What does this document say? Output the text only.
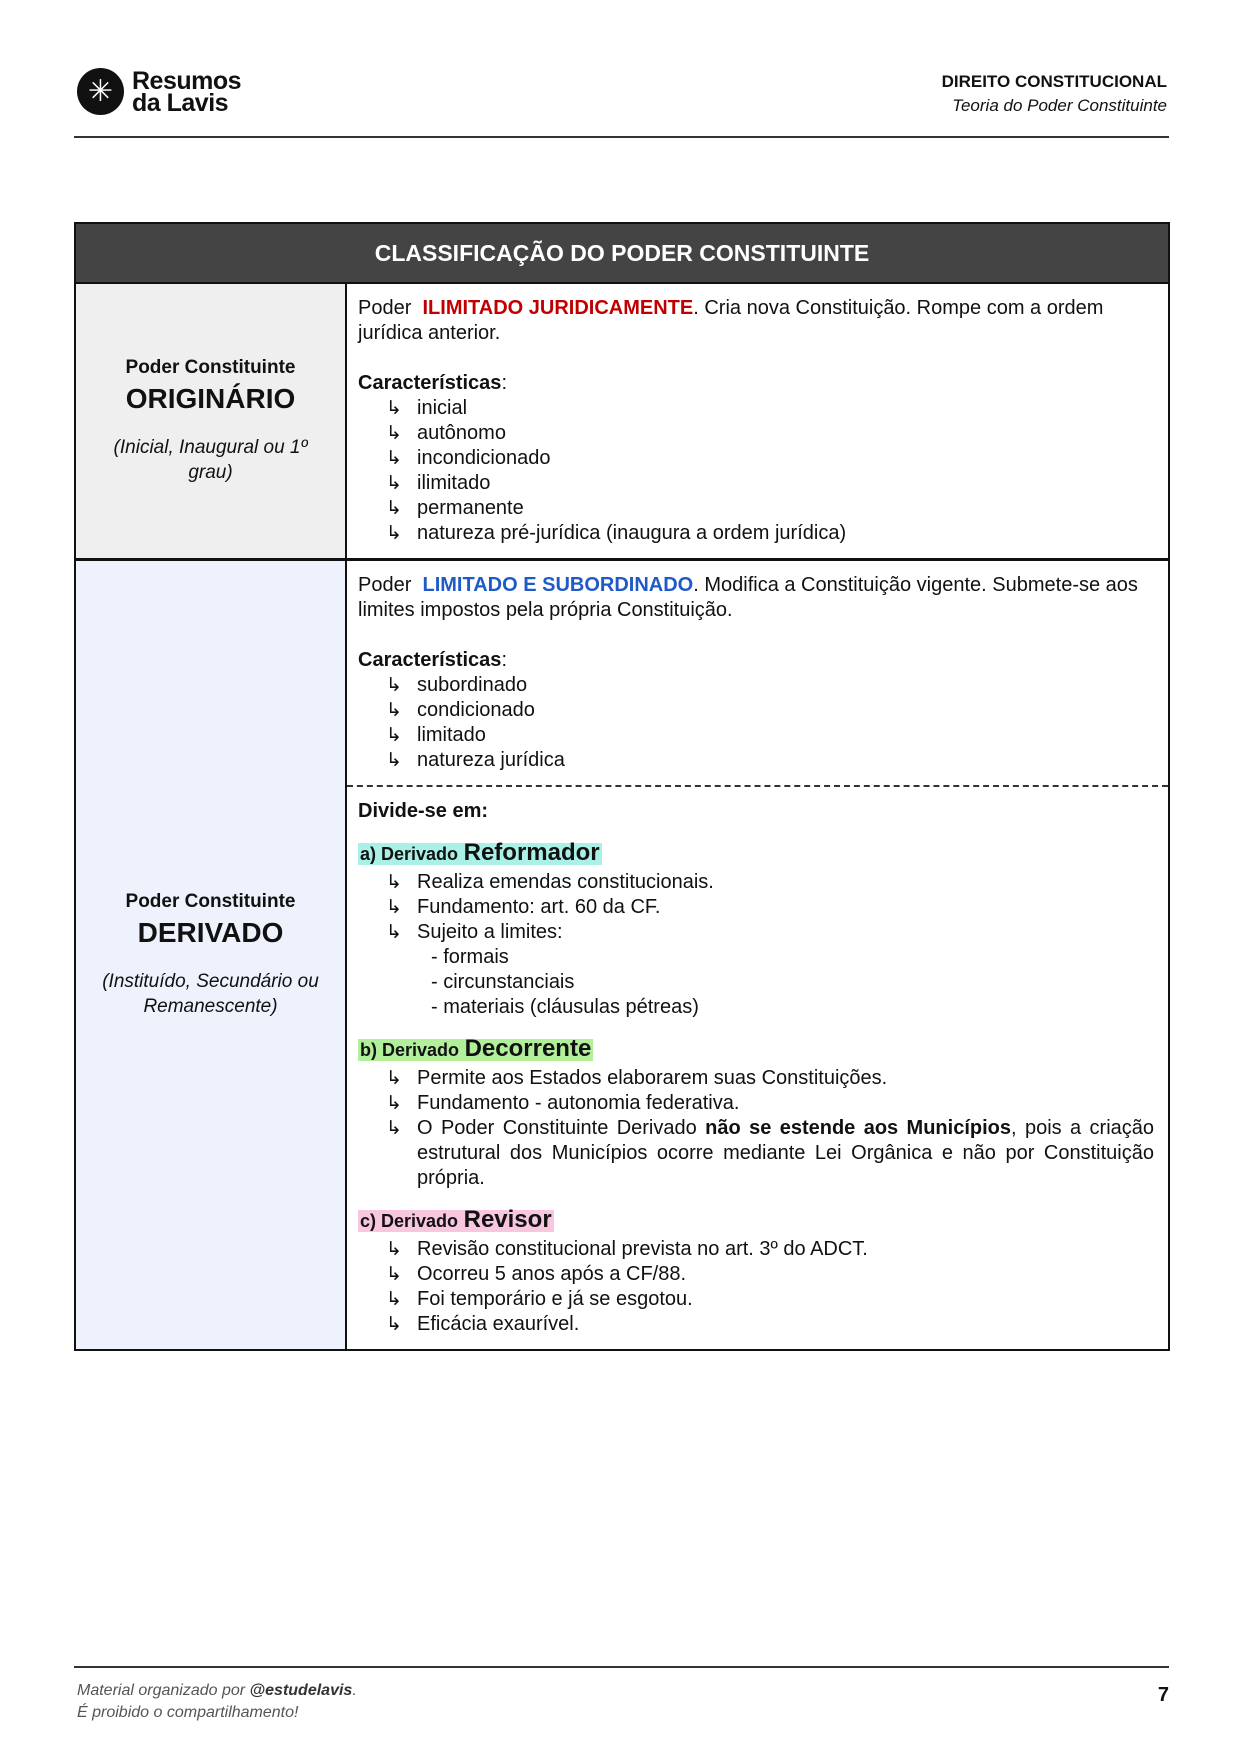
✳ Resumos
da Lavis
DIREITO CONSTITUCIONAL
Teoria do Poder Constituinte
CLASSIFICAÇÃO DO PODER CONSTITUINTE
Poder Constituinte
ORIGINÁRIO
(Inicial, Inaugural ou 1º grau)

Poder ILIMITADO JURIDICAMENTE. Cria nova Constituição. Rompe com a ordem jurídica anterior.

Características:

↳ inicial
↳ autônomo
↳ incondicionado
↳ ilimitado
↳ permanente
↳ natureza pré-jurídica (inaugura a ordem jurídica)
Poder Constituinte
DERIVADO
(Instituído, Secundário ou Remanescente)

Poder LIMITADO E SUBORDINADO. Modifica a Constituição vigente. Submete-se aos limites impostos pela própria Constituição.

Características:

↳ subordinado
↳ condicionado
↳ limitado
↳ natureza jurídica

Divide-se em:

a) Derivado Reformador
↳ Realiza emendas constitucionais.
↳ Fundamento: art. 60 da CF.
↳ Sujeito a limites:
- formais
- circunstanciais
- materiais (cláusulas pétreas)
b) Derivado Decorrente
↳ Permite aos Estados elaborarem suas Constituições.
↳ Fundamento - autonomia federativa.
↳ O Poder Constituinte Derivado não se estende aos Municípios, pois a criação estrutural dos Municípios ocorre mediante Lei Orgânica e não por Constituição própria.
c) Derivado Revisor
↳ Revisão constitucional prevista no art. 3º do ADCT.
↳ Ocorreu 5 anos após a CF/88.
↳ Foi temporário e já se esgotou.
↳ Eficácia exaurível.
Material organizado por @estudelavis.
É proibido o compartilhamento!
7
